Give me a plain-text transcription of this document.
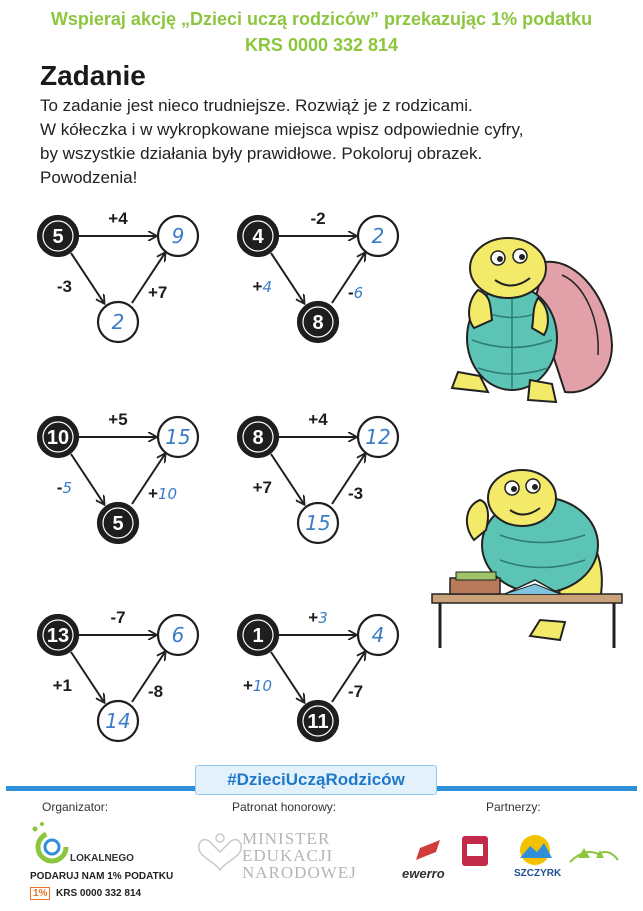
Wspieraj akcję „Dzieci uczą rodziców” przekazując 1% podatku
KRS 0000 332 814
Zadanie
To zadanie jest nieco trudniejsze. Rozwiąż je z rodzicami.
W kółeczka i w wykropkowane miejsca wpisz odpowiednie cyfry,
by wszystkie działania były prawidłowe. Pokoloruj obrazek.
Powodzenia!
5	9
2
+4
-3	+7
4	2
8
-2
+4	-6
10	15
5
+5
-5	+10
8	12
15
+4
+7	-3
13	6
14
-7
+1	-8
1	4
11
+3
+10	-7
#DzieciUcząRodziców
Organizator:	Patronat honorowy:	Partnerzy:
LOKALNEGO
PODARUJ NAM 1% PODATKU
1% KRS 0000 332 814
MINISTER
EDUKACJI
NARODOWEJ	ewerro	SZCZYRK
